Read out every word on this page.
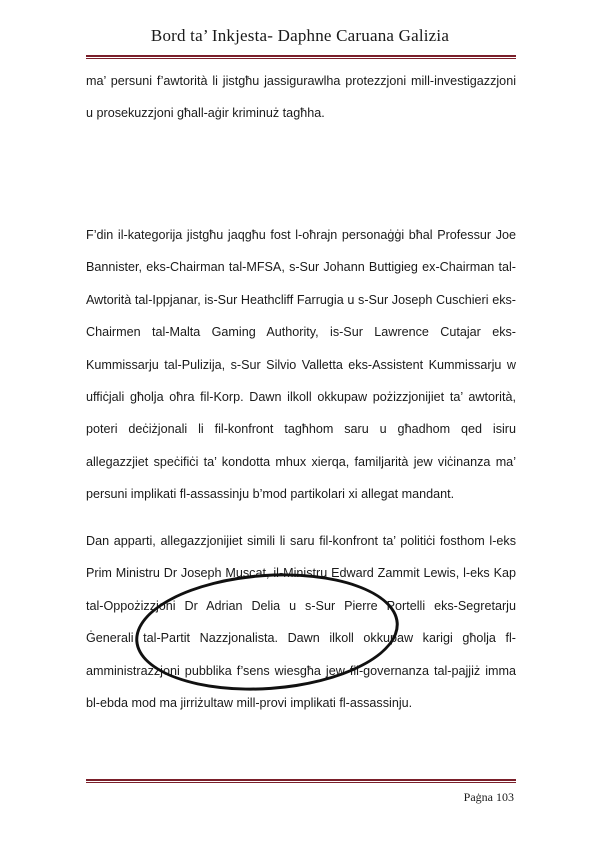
Bord ta’ Inkjesta- Daphne Caruana Galizia
ma’ persuni f’awtorità li jistgħu jassigurawlha protezzjoni mill-investigazzjoni
u prosekuzzjoni għall-aġir kriminuż tagħha.
F’din il-kategorija jistgħu jaqgħu fost l-oħrajn personaġġi bħal Professur Joe
Bannister, eks-Chairman tal-MFSA, s-Sur Johann Buttigieg ex-Chairman tal-
Awtorità tal-Ippjanar, is-Sur Heathcliff Farrugia u s-Sur Joseph Cuschieri eks-
Chairmen tal-Malta Gaming Authority, is-Sur Lawrence Cutajar eks-
Kummissarju tal-Pulizija, s-Sur Silvio Valletta eks-Assistent Kummissarju w
uffiċjali għolja oħra fil-Korp. Dawn ilkoll okkupaw pożizzjonijiet ta’ awtorità,
poteri deċiżjonali li fil-konfront tagħhom saru u għadhom qed isiru
allegazzjiet speċifiċi ta’ kondotta mhux xierqa, familjarità jew viċinanza ma’
persuni implikati fl-assassinju b’mod partikolari xi allegat mandant.
Dan apparti, allegazzjonijiet simili li saru fil-konfront ta’ politiċi fosthom l-eks
Prim Ministru Dr Joseph Muscat, il-Ministru Edward Zammit Lewis, l-eks Kap
tal-Oppożizzjoni Dr Adrian Delia u s-Sur Pierre Portelli eks-Segretarju
Ġenerali tal-Partit Nazzjonalista. Dawn ilkoll okkupaw karigi għolja fl-
amministrazzjoni pubblika f’sens wiesgħa jew fil-governanza tal-pajjiż imma
bl-ebda mod ma jirriżultaw mill-provi implikati fl-assassinju.
Paġna 103
